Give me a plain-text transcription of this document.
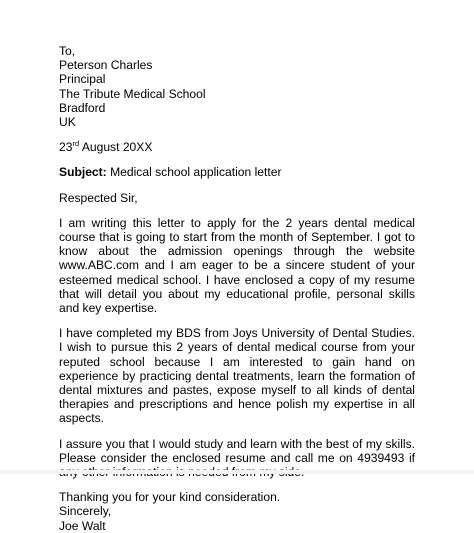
To,
Peterson Charles
Principal
The Tribute Medical School
Bradford
UK
23rd August 20XX
Subject: Medical school application letter
Respected Sir,
I am writing this letter to apply for the 2 years dental medical course that is going to start from the month of September. I got to know about the admission openings through the website www.ABC.com and I am eager to be a sincere student of your esteemed medical school. I have enclosed a copy of my resume that will detail you about my educational profile, personal skills and key expertise.
I have completed my BDS from Joys University of Dental Studies. I wish to pursue this 2 years of dental medical course from your reputed school because I am interested to gain hand on experience by practicing dental treatments, learn the formation of dental mixtures and pastes, expose myself to all kinds of dental therapies and prescriptions and hence polish my expertise in all aspects.
I assure you that I would study and learn with the best of my skills. Please consider the enclosed resume and call me on 4939493 if
Thanking you for your kind consideration.
Sincerely,
Joe Walt
